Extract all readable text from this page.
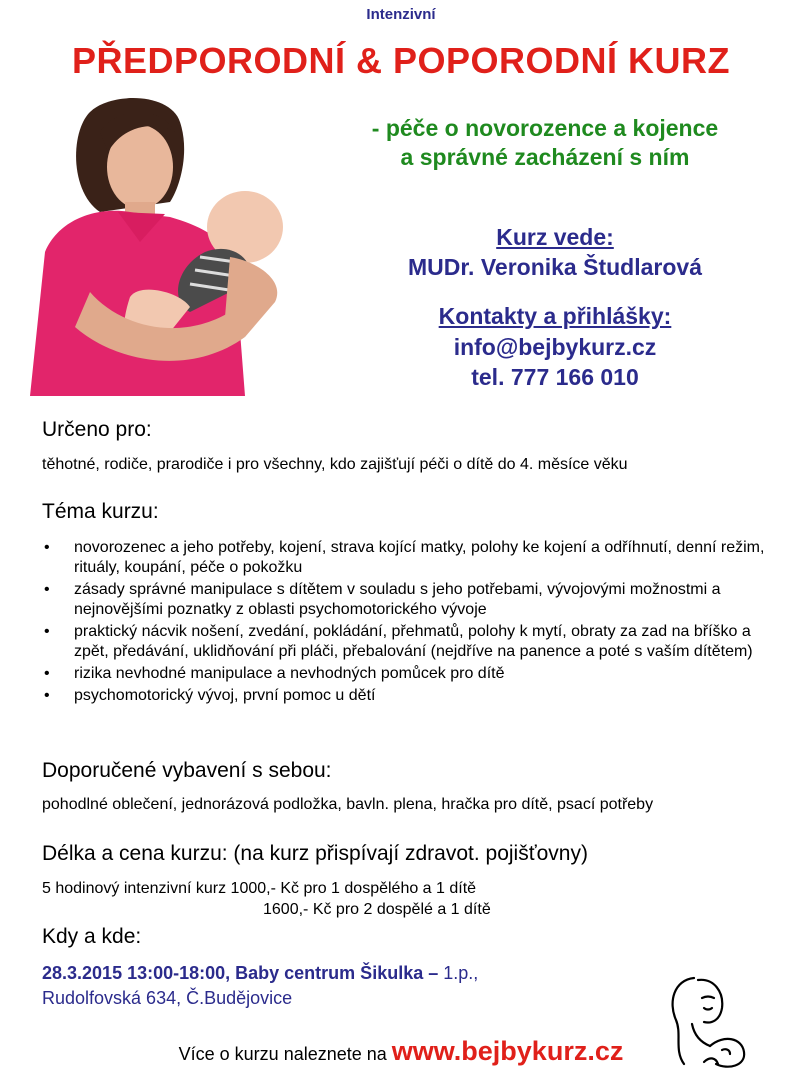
Intenzivní
PŘEDPORODNÍ & POPORODNÍ KURZ
- péče o novorozence a kojence
a správné zacházení s ním
Kurz vede:
MUDr. Veronika Študlarová
Kontakty a přihlášky:
info@bejbykurz.cz
tel. 777 166 010
Určeno pro:
těhotné, rodiče, prarodiče i pro všechny, kdo zajišťují péči o dítě do 4. měsíce věku
Téma kurzu:
• novorozenec a jeho potřeby, kojení, strava kojící matky, polohy ke kojení a odříhnutí, denní režim, rituály, koupání, péče o pokožku
• zásady správné manipulace s dítětem v souladu s jeho potřebami, vývojovými možnostmi a nejnovějšími poznatky z oblasti psychomotorického vývoje
• praktický nácvik nošení, zvedání, pokládání, přehmatů, polohy k mytí, obraty za zad na bříško a zpět, předávání, uklidňování při pláči, přebalování (nejdříve na panence a poté s vaším dítětem)
• rizika nevhodné manipulace a nevhodných pomůcek pro dítě
• psychomotorický vývoj, první pomoc u dětí
Doporučené vybavení s sebou:
pohodlné oblečení, jednorázová podložka, bavln. plena, hračka pro dítě, psací potřeby
Délka a cena kurzu: (na kurz přispívají zdravot. pojišťovny)
5 hodinový intenzivní kurz 1000,- Kč pro 1 dospělého a 1 dítě
1600,- Kč pro 2 dospělé a 1 dítě
Kdy a kde:
28.3.2015 13:00-18:00, Baby centrum Šikulka – 1.p.,
Rudolfovská 634, Č.Budějovice
Více o kurzu naleznete na www.bejbykurz.cz
